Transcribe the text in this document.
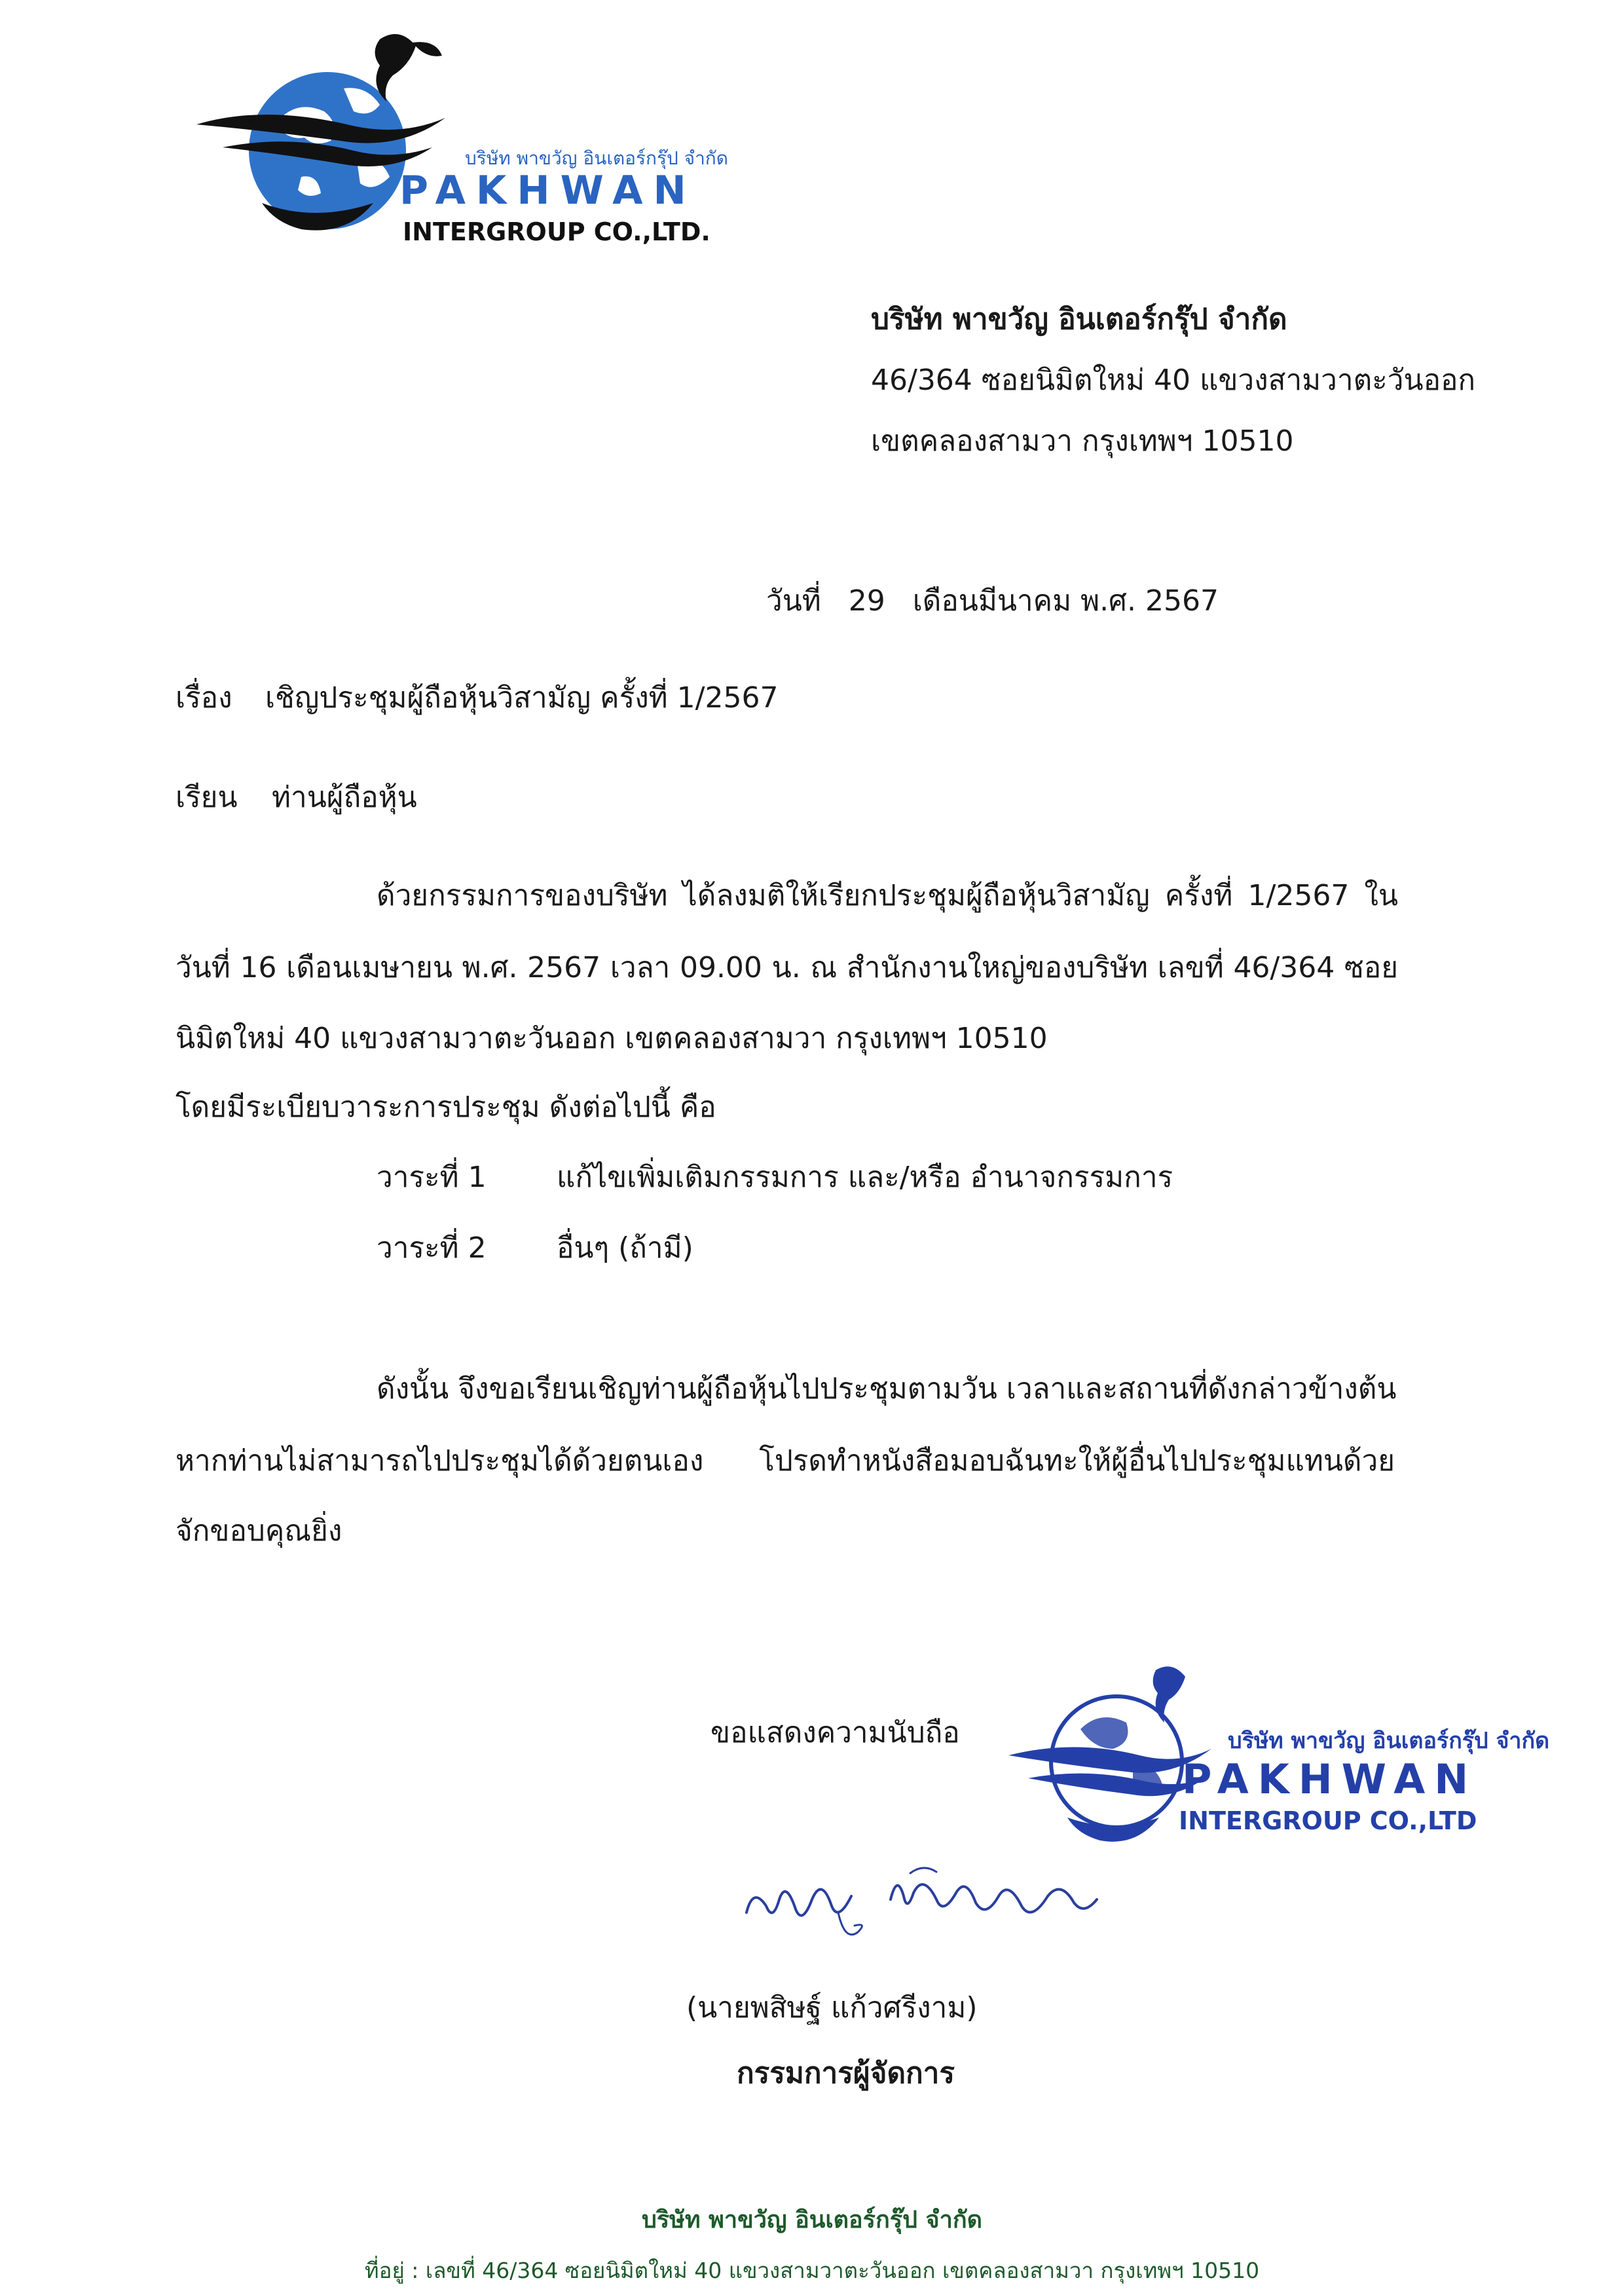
บริษัท พาขวัญ อินเตอร์กรุ๊ป จำกัด
PAKHWAN
INTERGROUP CO.,LTD.
บริษัท พาขวัญ อินเตอร์กรุ๊ป จำกัด
46/364 ซอยนิมิตใหม่ 40 แขวงสามวาตะวันออก
เขตคลองสามวา กรุงเทพฯ 10510
วันที่ 29 เดือนมีนาคม พ.ศ. 2567
เรื่อง เชิญประชุมผู้ถือหุ้นวิสามัญ ครั้งที่ 1/2567
เรียน ท่านผู้ถือหุ้น
ด้วยกรรมการของบริษัท ได้ลงมติให้เรียกประชุมผู้ถือหุ้นวิสามัญ ครั้งที่ 1/2567 ใน
วันที่ 16 เดือนเมษายน พ.ศ. 2567 เวลา 09.00 น. ณ สำนักงานใหญ่ของบริษัท เลขที่ 46/364 ซอย
นิมิตใหม่ 40 แขวงสามวาตะวันออก เขตคลองสามวา กรุงเทพฯ 10510
โดยมีระเบียบวาระการประชุม ดังต่อไปนี้ คือ
วาระที่ 1 แก้ไขเพิ่มเติมกรรมการ และ/หรือ อำนาจกรรมการ
วาระที่ 2 อื่นๆ (ถ้ามี)
ดังนั้น จึงขอเรียนเชิญท่านผู้ถือหุ้นไปประชุมตามวัน เวลาและสถานที่ดังกล่าวข้างต้น
หากท่านไม่สามารถไปประชุมได้ด้วยตนเอง โปรดทำหนังสือมอบฉันทะให้ผู้อื่นไปประชุมแทนด้วย
จักขอบคุณยิ่ง
ขอแสดงความนับถือ	บริษัท พาขวัญ อินเตอร์กรุ๊ป จำกัด
PAKHWAN
INTERGROUP CO.,LTD
(นายพสิษฐ์ แก้วศรีงาม)
กรรมการผู้จัดการ
บริษัท พาขวัญ อินเตอร์กรุ๊ป จำกัด
ที่อยู่ : เลขที่ 46/364 ซอยนิมิตใหม่ 40 แขวงสามวาตะวันออก เขตคลองสามวา กรุงเทพฯ 10510
